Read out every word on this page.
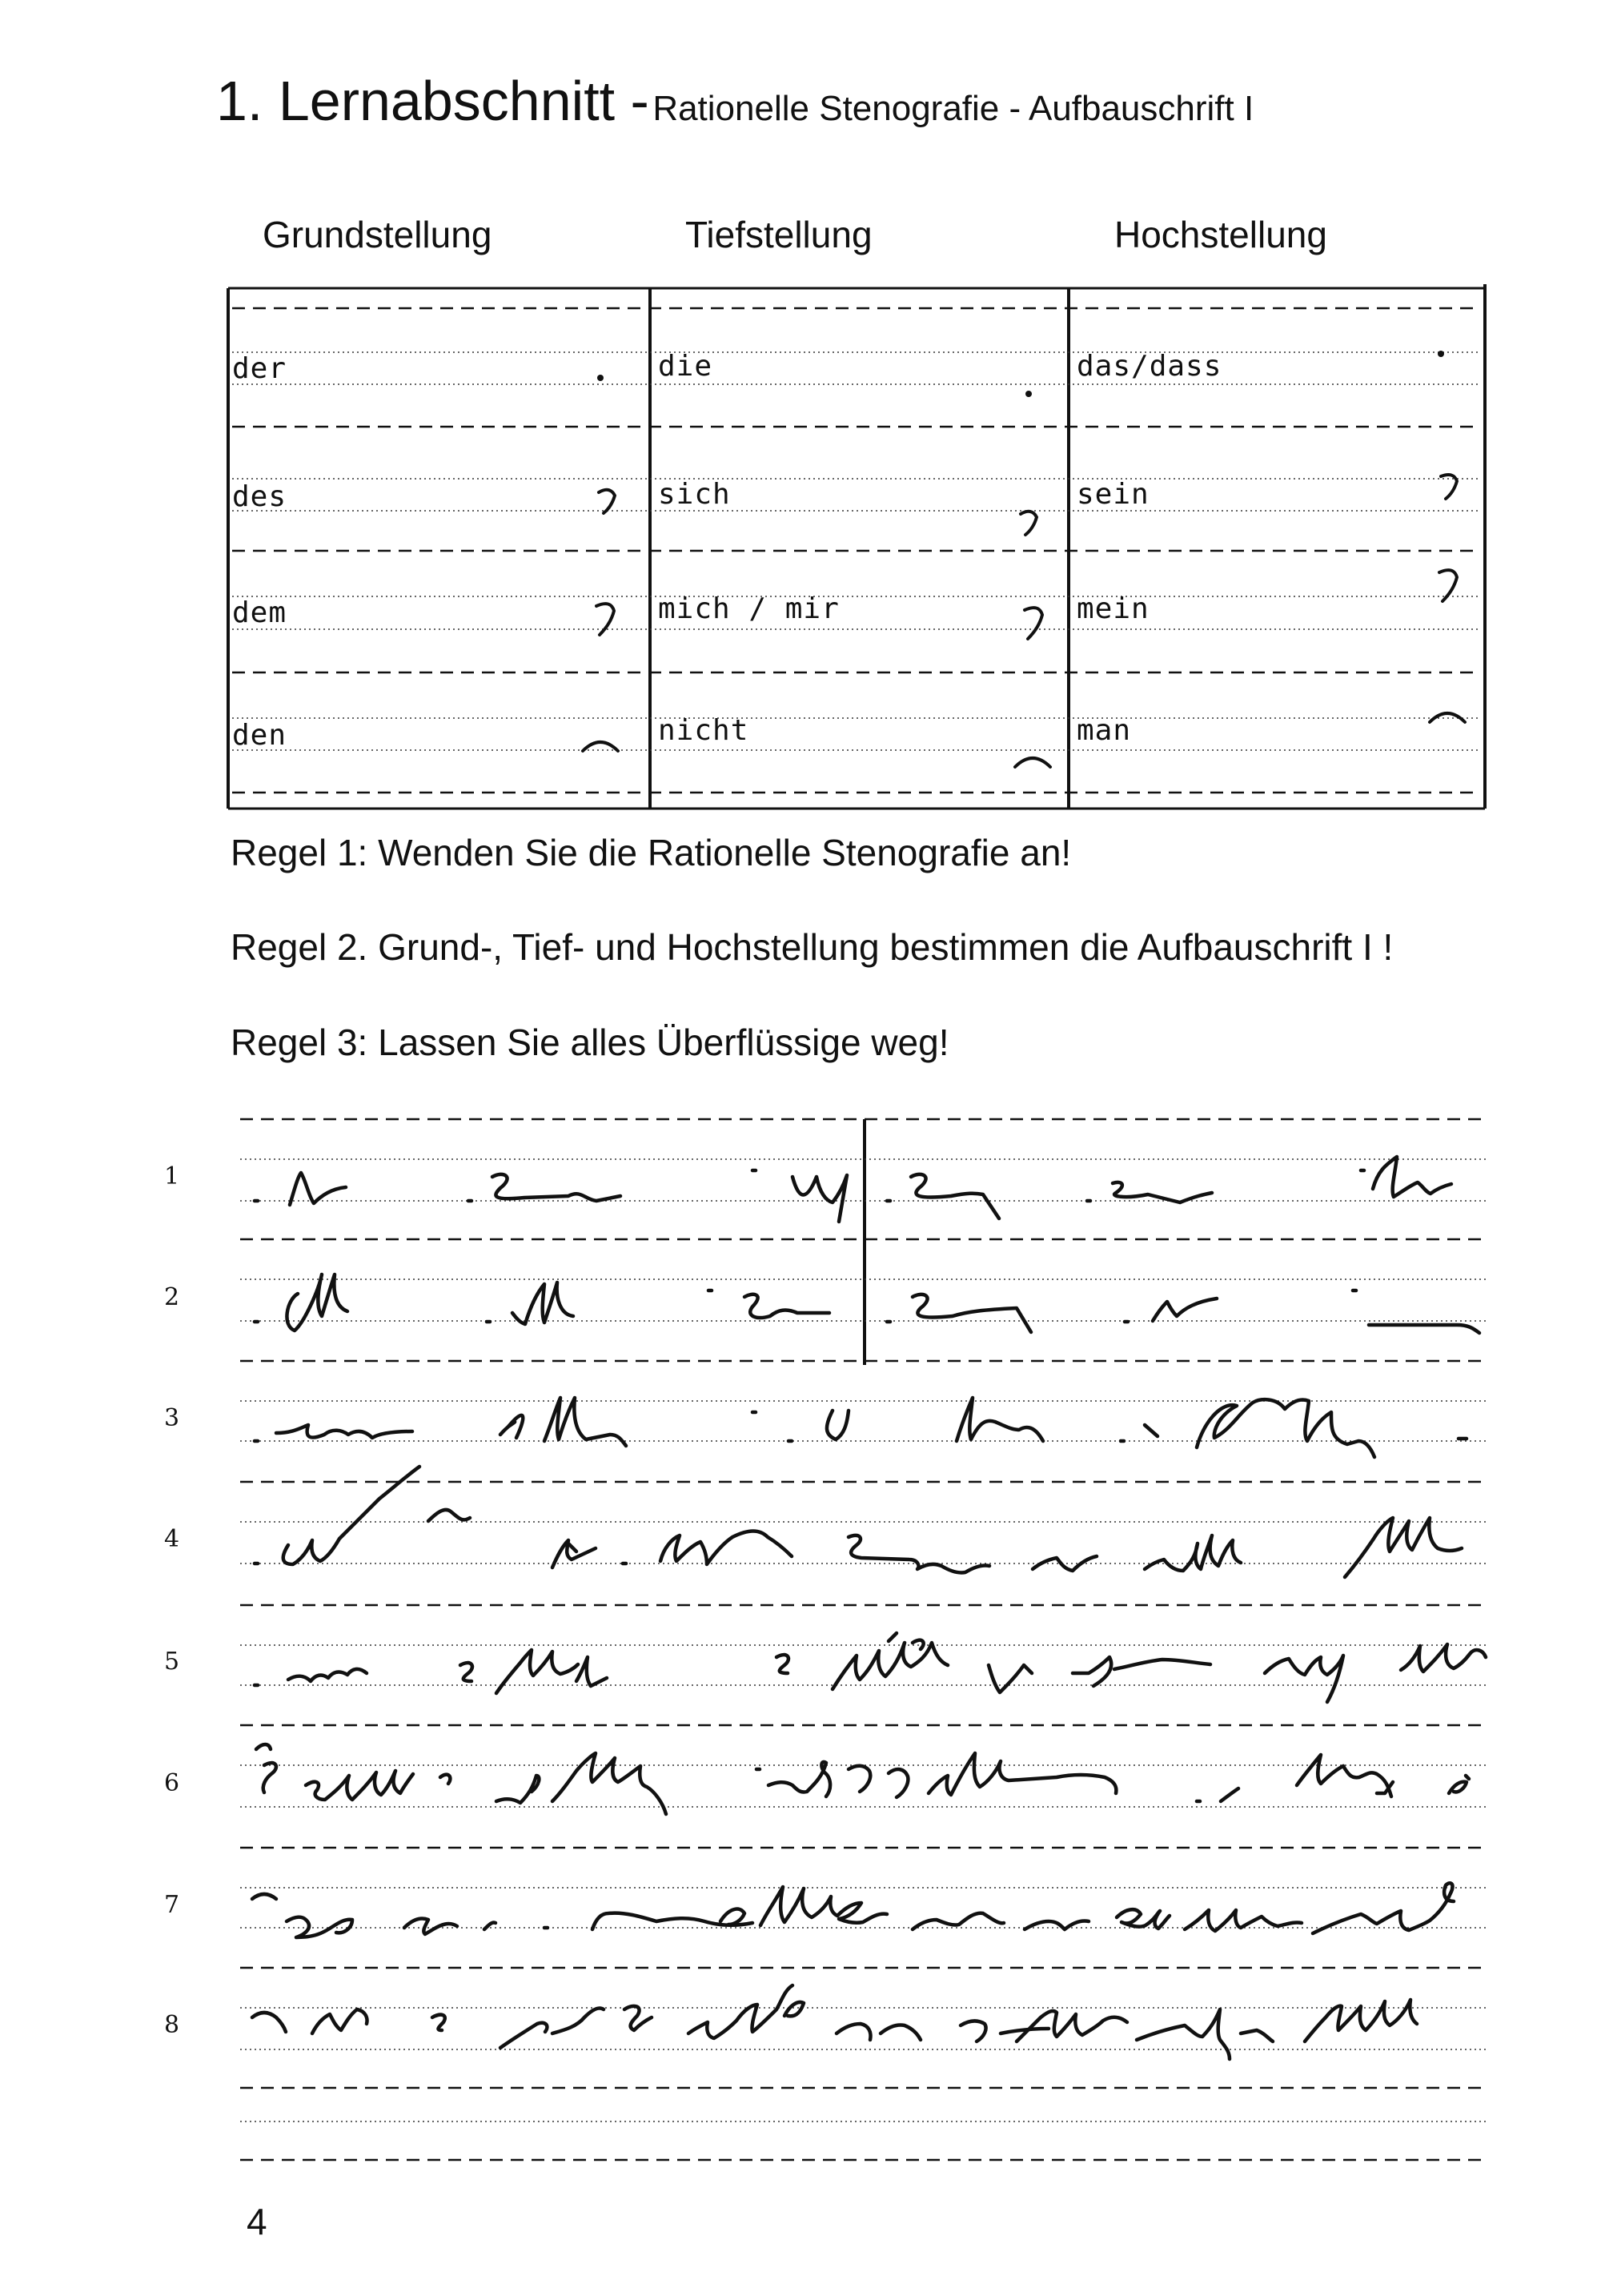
1. Lernabschnitt - Rationelle Stenografie - Aufbauschrift I
Grundstellung	Tiefstellung	Hochstellung
der	die	das/dass
des	sich	sein
dem	mich / mir	mein
den	nicht	man
Regel 1: Wenden Sie die Rationelle Stenografie an!
Regel 2. Grund-, Tief- und Hochstellung bestimmen die Aufbauschrift I !
Regel 3: Lassen Sie alles Überflüssige weg!
1
2
3
4
5
6
7
8
4
